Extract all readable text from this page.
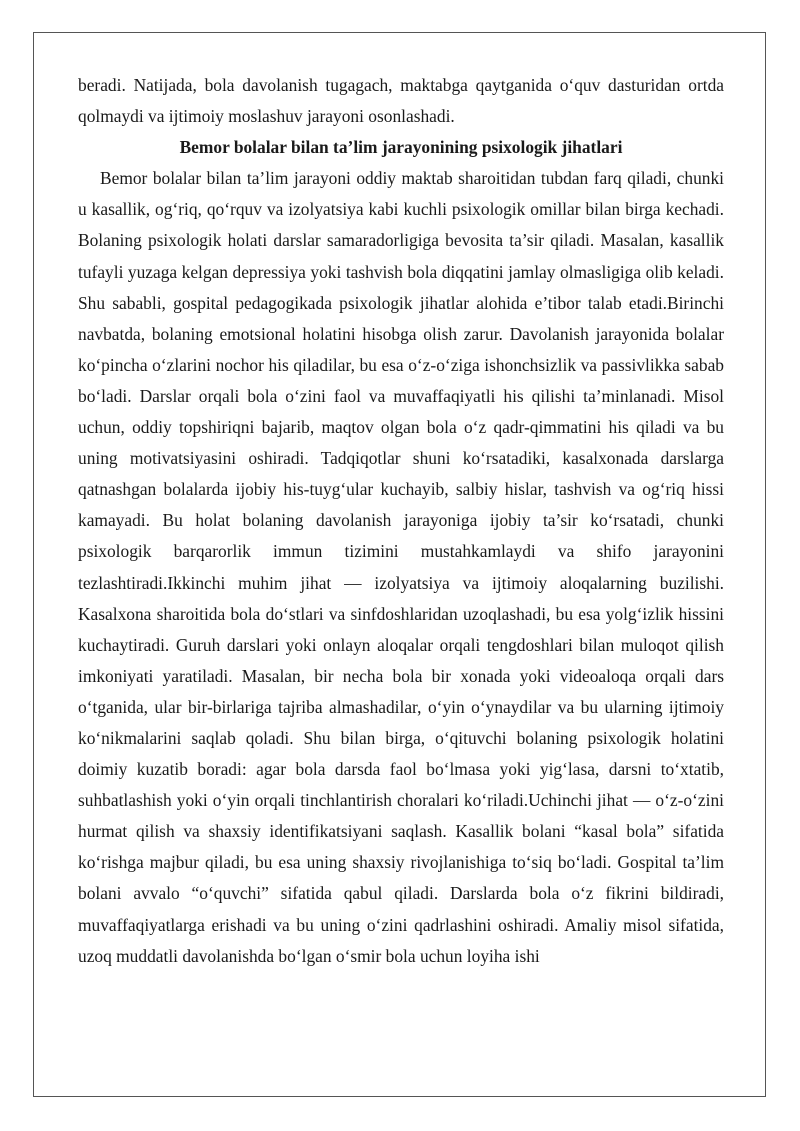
beradi. Natijada, bola davolanish tugagach, maktabga qaytganida o‘quv dasturidan ortda qolmaydi va ijtimoiy moslashuv jarayoni osonlashadi.

Bemor bolalar bilan ta’lim jarayonining psixologik jihatlari

Bemor bolalar bilan ta’lim jarayoni oddiy maktab sharoitidan tubdan farq qiladi, chunki u kasallik, og‘riq, qo‘rquv va izolyatsiya kabi kuchli psixologik omillar bilan birga kechadi. Bolaning psixologik holati darslar samaradorligiga bevosita ta’sir qiladi. Masalan, kasallik tufayli yuzaga kelgan depressiya yoki tashvish bola diqqatini jamlay olmasligiga olib keladi. Shu sababli, gospital pedagogikada psixologik jihatlar alohida e’tibor talab etadi.Birinchi navbatda, bolaning emotsional holatini hisobga olish zarur. Davolanish jarayonida bolalar ko‘pincha o‘zlarini nochor his qiladilar, bu esa o‘z-o‘ziga ishonchsizlik va passivlikka sabab bo‘ladi. Darslar orqali bola o‘zini faol va muvaffaqiyatli his qilishi ta’minlanadi. Misol uchun, oddiy topshiriqni bajarib, maqtov olgan bola o‘z qadr-qimmatini his qiladi va bu uning motivatsiyasini oshiradi. Tadqiqotlar shuni ko‘rsatadiki, kasalxonada darslarga qatnashgan bolalarda ijobiy his-tuyg‘ular kuchayib, salbiy hislar, tashvish va og‘riq hissi kamayadi. Bu holat bolaning davolanish jarayoniga ijobiy ta’sir ko‘rsatadi, chunki psixologik barqarorlik immun tizimini mustahkamlaydi va shifo jarayonini tezlashtiradi.Ikkinchi muhim jihat — izolyatsiya va ijtimoiy aloqalarning buzilishi. Kasalxona sharoitida bola do‘stlari va sinfdoshlaridan uzoqlashadi, bu esa yolg‘izlik hissini kuchaytiradi. Guruh darslari yoki onlayn aloqalar orqali tengdoshlari bilan muloqot qilish imkoniyati yaratiladi. Masalan, bir necha bola bir xonada yoki videoaloqa orqali dars o‘tganida, ular bir-birlariga tajriba almashadilar, o‘yin o‘ynaydilar va bu ularning ijtimoiy ko‘nikmalarini saqlab qoladi. Shu bilan birga, o‘qituvchi bolaning psixologik holatini doimiy kuzatib boradi: agar bola darsda faol bo‘lmasa yoki yig‘lasa, darsni to‘xtatib, suhbatlashish yoki o‘yin orqali tinchlantirish choralari ko‘riladi.Uchinchi jihat — o‘z-o‘zini hurmat qilish va shaxsiy identifikatsiyani saqlash. Kasallik bolani “kasal bola” sifatida ko‘rishga majbur qiladi, bu esa uning shaxsiy rivojlanishiga to‘siq bo‘ladi. Gospital ta’lim bolani avvalo “o‘quvchi” sifatida qabul qiladi. Darslarda bola o‘z fikrini bildiradi, muvaffaqiyatlarga erishadi va bu uning o‘zini qadrlashini oshiradi. Amaliy misol sifatida, uzoq muddatli davolanishda bo‘lgan o‘smir bola uchun loyiha ishi
